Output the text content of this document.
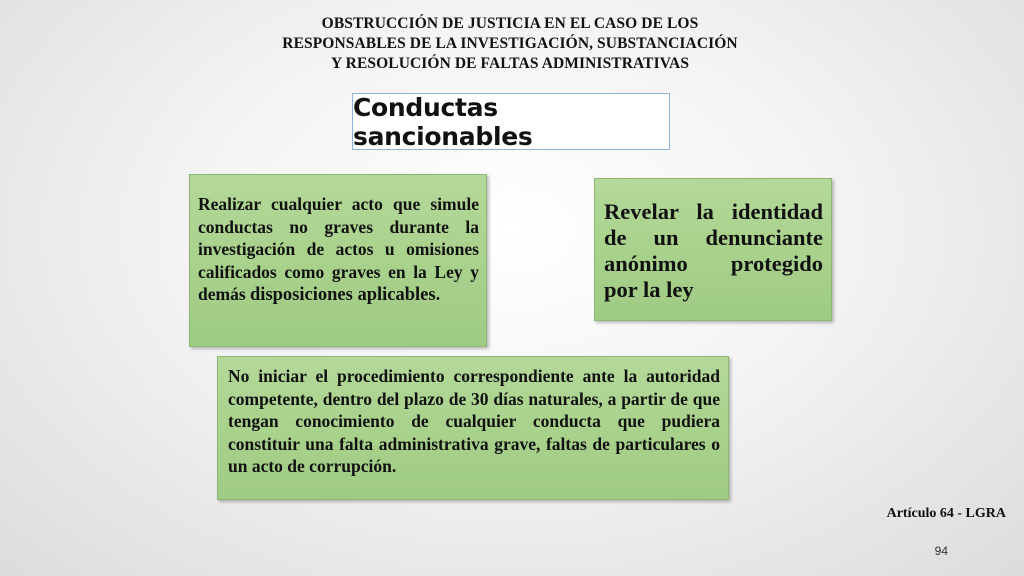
OBSTRUCCIÓN DE JUSTICIA EN EL CASO DE LOS
RESPONSABLES DE LA INVESTIGACIÓN, SUBSTANCIACIÓN
Y RESOLUCIÓN DE FALTAS ADMINISTRATIVAS
Conductas sancionables
Realizar cualquier acto que simule conductas no graves durante la investigación de actos u omisiones calificados como graves en la Ley y demás disposiciones aplicables.
Revelar la identidad de un denunciante anónimo protegido por la ley
No iniciar el procedimiento correspondiente ante la autoridad competente, dentro del plazo de 30 días naturales, a partir de que tengan conocimiento de cualquier conducta que pudiera constituir una falta administrativa grave, faltas de particulares o un acto de corrupción.
Artículo 64 - LGRA
94
